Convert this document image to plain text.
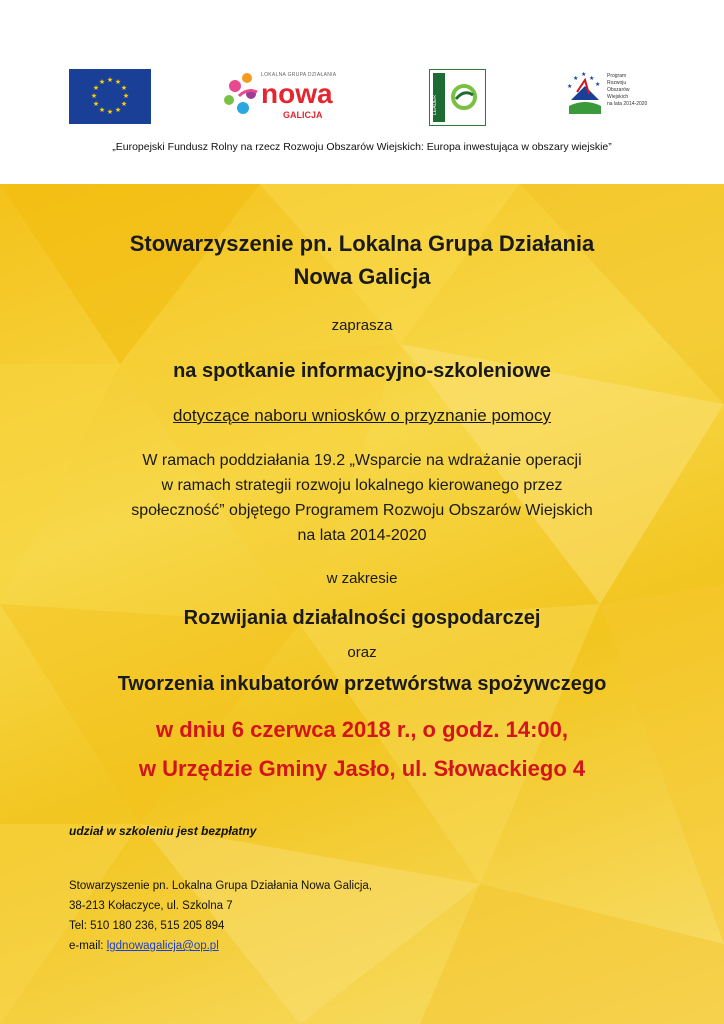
★ ★
★
★
★
★
★
★
★
★
★
★
LOKALNA GRUPA DZIAŁANIA
nowa
GALICJA	LEADER
★
★
★
★
★
Program
Rozwoju
Obszarów
Wiejskich
na lata 2014-2020
„Europejski Fundusz Rolny na rzecz Rozwoju Obszarów Wiejskich: Europa inwestująca w obszary wiejskie”
Stowarzyszenie pn. Lokalna Grupa Działania
Nowa Galicja
zaprasza
na spotkanie informacyjno-szkoleniowe
dotyczące naboru wniosków o przyznanie pomocy
W ramach poddziałania 19.2 „Wsparcie na wdrażanie operacji
w ramach strategii rozwoju lokalnego kierowanego przez
społeczność” objętego Programem Rozwoju Obszarów Wiejskich
na lata 2014-2020
w zakresie
Rozwijania działalności gospodarczej
oraz
Tworzenia inkubatorów przetwórstwa spożywczego
w dniu 6 czerwca 2018 r., o godz. 14:00,
w Urzędzie Gminy Jasło, ul. Słowackiego 4
udział w szkoleniu jest bezpłatny
Stowarzyszenie pn. Lokalna Grupa Działania Nowa Galicja,
38-213 Kołaczyce, ul. Szkolna 7
Tel: 510 180 236, 515 205 894
e-mail: lgdnowagalicja@op.pl
